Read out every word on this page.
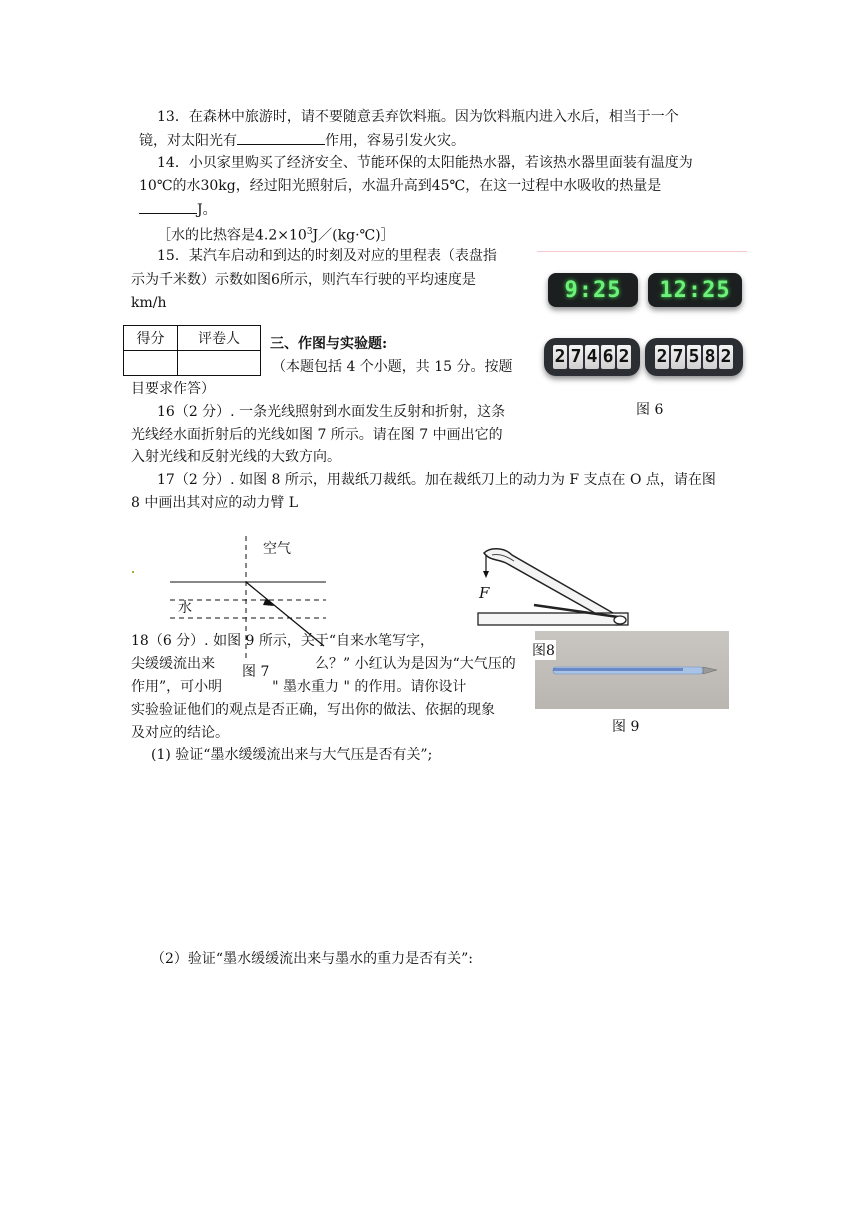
13．在森林中旅游时，请不要随意丢弃饮料瓶。因为饮料瓶内进入水后，相当于一个
镜，对太阳光有	作用，容易引发火灾。
14．小贝家里购买了经济安全、节能环保的太阳能热水器，若该热水器里面装有温度为
10℃的水30kg，经过阳光照射后，水温升高到45℃，在这一过程中水吸收的热量是
J。
［水的比热容是$4.2\times 10^3J/(kg\cdot℃)]$
15．某汽车启动和到达的时刻及对应的里程表（表盘指
示为千米数）示数如图6所示，则汽车行驶的平均速度是
km/h
9:25	12:25
2 7 4 6 2 2 7 5 8 2
图 6
得分	评卷人
	三、作图与实验题:
（本题包括 4 个小题，共 15 分。按题
目要求作答）
16（2 分）. 一条光线照射到水面发生反射和折射，这条
光线经水面折射后的光线如图 7 所示。请在图 7 中画出它的
入射光线和反射光线的大致方向。
17（2 分）. 如图 8 所示，用裁纸刀裁纸。加在裁纸刀上的动力为 F 支点在 O 点，请在图
8 中画出其对应的动力臂 L
空气
水
F
图 9
18（6 分）. 如图 9 所示，关于“自来水笔写字，
尖缓缓流出来	么？” 小红认为是因为“大气压的
作用”，可小明	" 墨水重力 " 的作用。请你设计
实验验证他们的观点是否正确，写出你的做法、依据的现象
及对应的结论。
图 7
图8
(1) 验证“墨水缓缓流出来与大气压是否有关”;
（2）验证“墨水缓缓流出来与墨水的重力是否有关”:
